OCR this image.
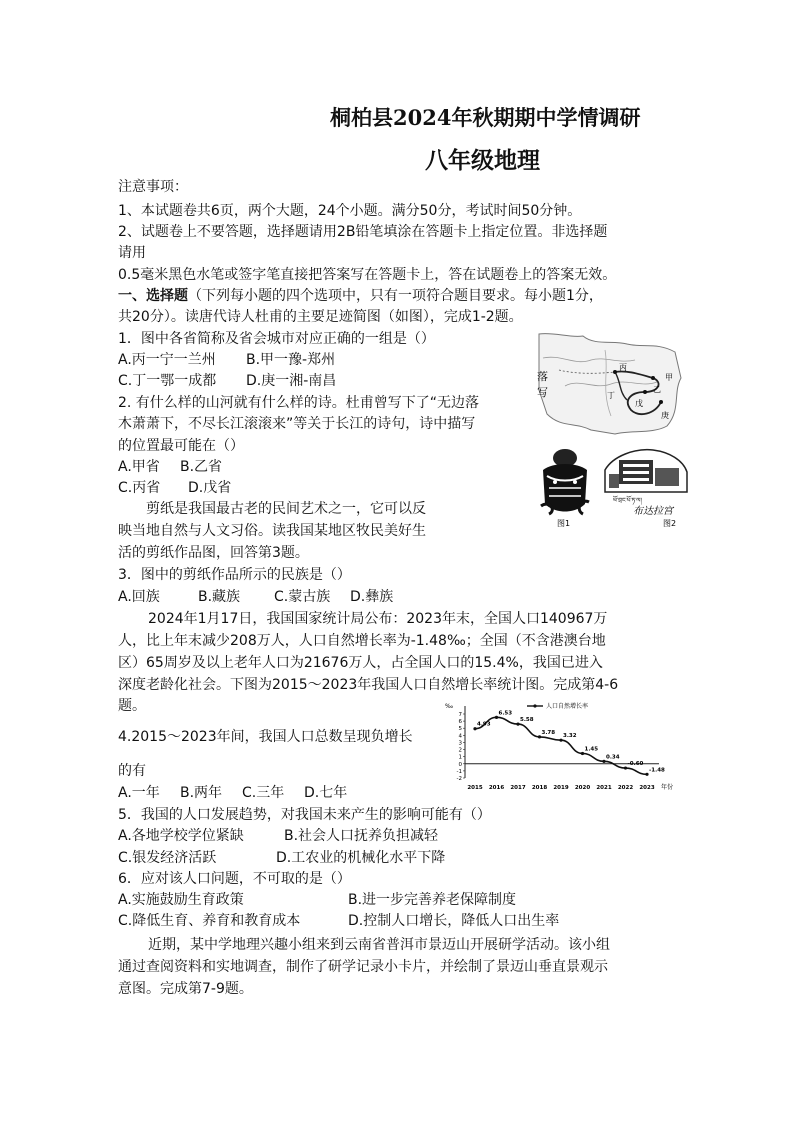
桐柏县2024年秋期期中学情调研
八年级地理
注意事项：
1、本试题卷共6页，两个大题，24个小题。满分50分，考试时间50分钟。
2、试题卷上不要答题，选择题请用2B铅笔填涂在答题卡上指定位置。非选择题
请用
0.5毫米黑色水笔或签字笔直接把答案写在答题卡上，答在试题卷上的答案无效。
一、选择题（下列每小题的四个选项中，只有一项符合题目要求。每小题1分，
共20分）。读唐代诗人杜甫的主要足迹简图（如图），完成1-2题。
1．图中各省简称及省会城市对应正确的一组是（）
A.丙一宁一兰州 B.甲一豫-郑州
C.丁一鄂一成都 D.庚一湘-南昌
2. 有什么样的山河就有什么样的诗。杜甫曾写下了“无边落
木萧萧下，不尽长江滚滚来”等关于长江的诗句，诗中描写
的位置最可能在（）
A.甲省 B.乙省
C.丙省 D.戊省
剪纸是我国最古老的民间艺术之一，它可以反
映当地自然与人文习俗。读我国某地区牧民美好生
活的剪纸作品图，回答第3题。
3．图中的剪纸作品所示的民族是（）
A.回族	B.藏族 C.蒙古族 D.彝族
2024年1月17日，我国国家统计局公布：2023年末，全国人口140967万
人，比上年末减少208万人，人口自然增长率为-1.48‰；全国（不含港澳台地
区）65周岁及以上老年人口为21676万人，占全国人口的15.4%，我国已进入
深度老龄化社会。下图为2015～2023年我国人口自然增长率统计图。完成第4-6
题。
4.2015～2023年间，我国人口总数呈现负增长
的有
A.一年 B.两年 C.三年 D.七年
5．我国的人口发展趋势，对我国未来产生的影响可能有（）
A.各地学校学位紧缺	B.社会人口抚养负担减轻
C.银发经济活跃	D.工农业的机械化水平下降
6．应对该人口问题，不可取的是（）
A.实施鼓励生育政策	B.进一步完善养老保障制度
C.降低生育、养育和教育成本	D.控制人口增长，降低人口出生率
近期，某中学地理兴趣小组来到云南省普洱市景迈山开展研学活动。该小组
通过查阅资料和实地调查，制作了研学记录小卡片，并绘制了景迈山垂直景观示
意图。完成第7-9题。
落
写
丙
甲
乙
丁
戊
庚
图1
ཕོ་བྲང་པོ་ཏ་ལ།
布达拉宫
图2
‰
7
6
5
4
3
2
1
0
-1
-2
2015 2016 2017 2018 2019 2020 2021 2022 2023 年份
4.93
6.53
5.58
3.78
3.32
1.45
0.34
-0.60
-1.48
人口自然增长率
